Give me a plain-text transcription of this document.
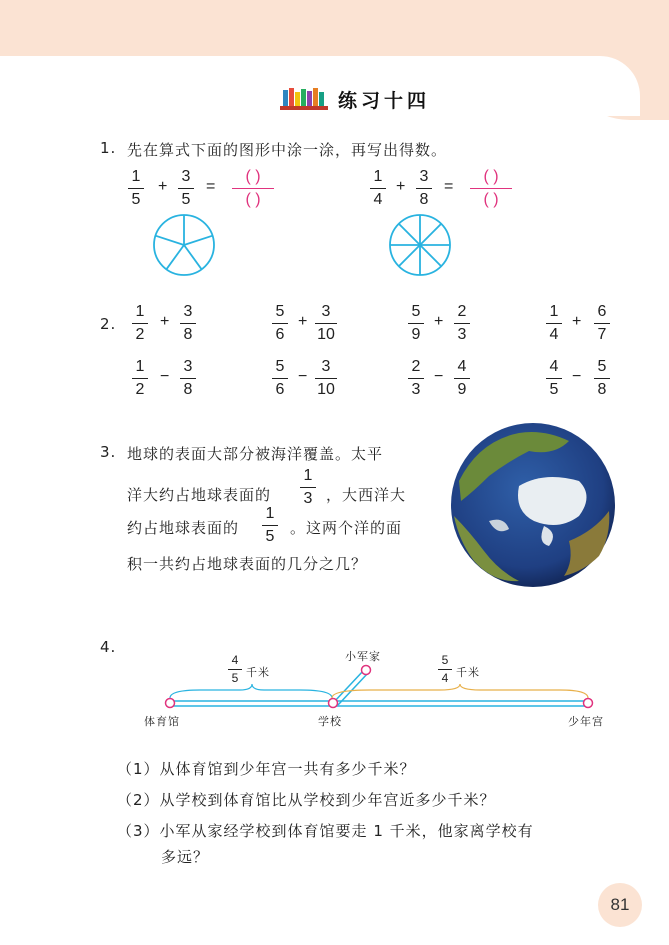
练习十四
1. 先在算式下面的图形中涂一涂，再写出得数。
1
5
+
3
5
=
( )
( )
1
4
+
3
8
=
( )
( )
2.
1
2
+
3
8
5
6
+
3
10
5
9
+
2
3
1
4
+
6
7
1
2
−
3
8
5
6
−
3
10
2
3
−
4
9
4
5
−
5
8
3. 地球的表面大部分被海洋覆盖。太平
洋大约占地球表面的
1
3 ，大西洋大
约占地球表面的
1
5 。这两个洋的面
积一共约占地球表面的几分之几？
4.
4
5 千米
5
4 千米
小军家
体育馆	学校	少年宫
（1）从体育馆到少年宫一共有多少千米？
（2）从学校到体育馆比从学校到少年宫近多少千米？
（3）小军从家经学校到体育馆要走 1 千米，他家离学校有
多远？
81
